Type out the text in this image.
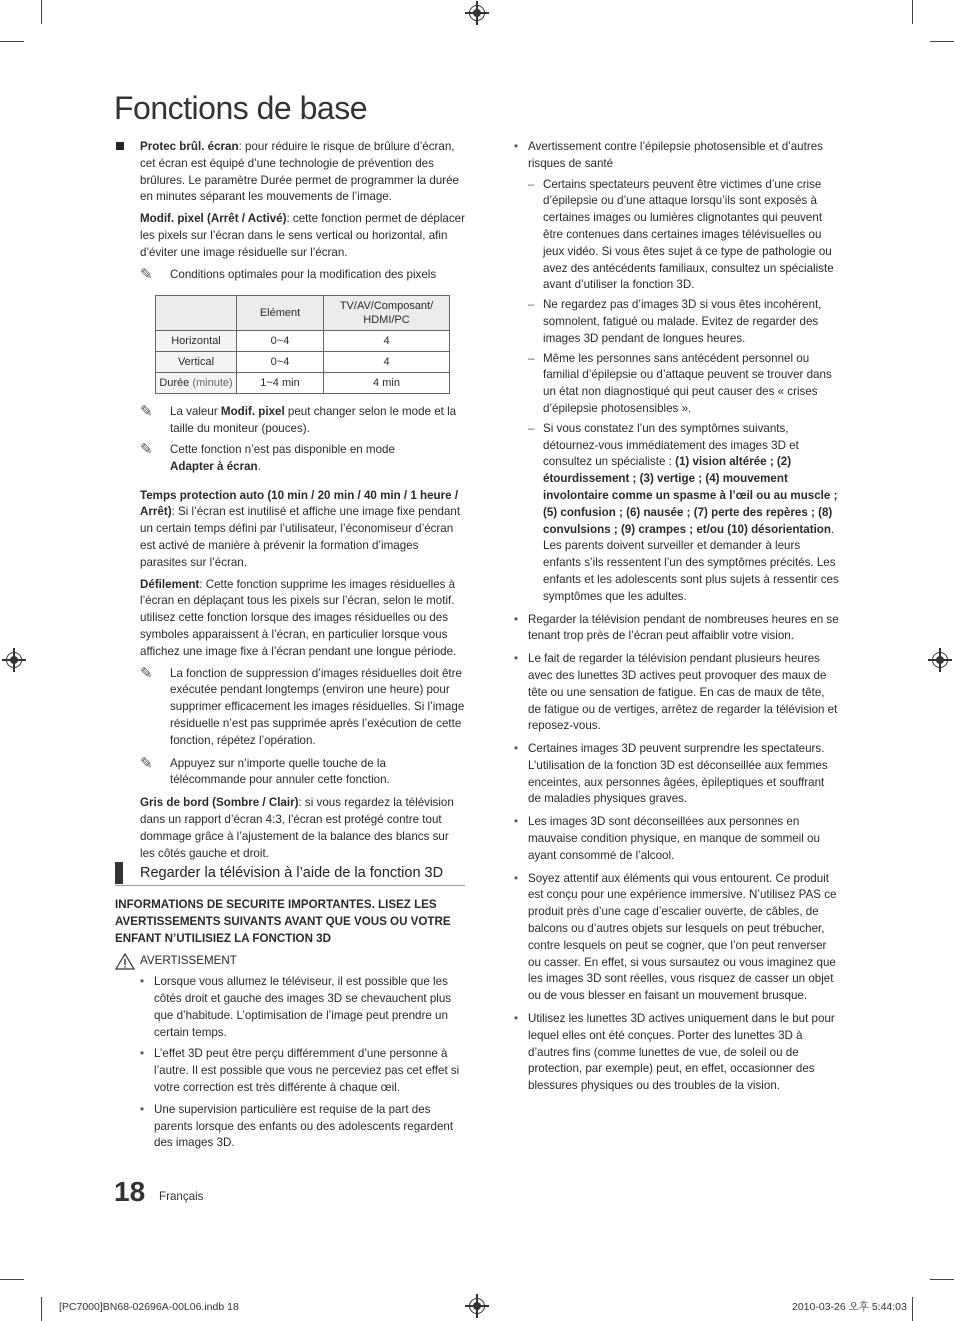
Fonctions de base

Protec brûl. écran: pour réduire le risque de brûlure d’écran, cet écran est équipé d’une technologie de prévention des brûlures. Le paramètre Durée permet de programmer la durée en minutes séparant les mouvements de l’image.

Modif. pixel (Arrêt / Activé): cette fonction permet de déplacer les pixels sur l’écran dans le sens vertical ou horizontal, afin d’éviter une image résiduelle sur l’écran.

✎ Conditions optimales pour la modification des pixels
	Elément	TV/AV/Composant/ HDMI/PC
Horizontal	0~4	4
Vertical	0~4	4
Durée (minute)	1~4 min	4 min
✎ La valeur Modif. pixel peut changer selon le mode et la taille du moniteur (pouces).
✎ Cette fonction n’est pas disponible en mode
Adapter à écran.

Temps protection auto (10 min / 20 min / 40 min / 1 heure / Arrêt): Si l’écran est inutilisé et affiche une image fixe pendant un certain temps défini par l’utilisateur, l’économiseur d’écran est activé de manière à prévenir la formation d’images parasites sur l’écran.

Défilement: Cette fonction supprime les images résiduelles à l’écran en déplaçant tous les pixels sur l’écran, selon le motif. utilisez cette fonction lorsque des images résiduelles ou des symboles apparaissent à l’écran, en particulier lorsque vous affichez une image fixe à l’écran pendant une longue période.

✎ La fonction de suppression d’images résiduelles doit être exécutée pendant longtemps (environ une heure) pour supprimer efficacement les images résiduelles. Si l’image résiduelle n’est pas supprimée après l’exécution de cette fonction, répétez l’opération.
✎ Appuyez sur n’importe quelle touche de la télécommande pour annuler cette fonction.

Gris de bord (Sombre / Clair): si vous regardez la télévision dans un rapport d’écran 4:3, l’écran est protégé contre tout dommage grâce à l’ajustement de la balance des blancs sur les côtés gauche et droit.

Regarder la télévision à l’aide de la fonction 3D

INFORMATIONS DE SECURITE IMPORTANTES. LISEZ LES AVERTISSEMENTS SUIVANTS AVANT QUE VOUS OU VOTRE ENFANT N’UTILISIEZ LA FONCTION 3D

AVERTISSEMENT
• Lorsque vous allumez le téléviseur, il est possible que les côtés droit et gauche des images 3D se chevauchent plus que d’habitude. L’optimisation de l’image peut prendre un certain temps.
• L’effet 3D peut être perçu différemment d’une personne à l’autre. Il est possible que vous ne perceviez pas cet effet si votre correction est très différente à chaque œil.
• Une supervision particulière est requise de la part des parents lorsque des enfants ou des adolescents regardent des images 3D.
• Avertissement contre l’épilepsie photosensible et d’autres risques de santé
– Certains spectateurs peuvent être victimes d’une crise d’épilepsie ou d’une attaque lorsqu’ils sont exposés à certaines images ou lumières clignotantes qui peuvent être contenues dans certaines images télévisuelles ou jeux vidéo. Si vous êtes sujet à ce type de pathologie ou avez des antécédents familiaux, consultez un spécialiste avant d’utiliser la fonction 3D.
– Ne regardez pas d’images 3D si vous êtes incohérent, somnolent, fatigué ou malade. Evitez de regarder des images 3D pendant de longues heures.
– Même les personnes sans antécédent personnel ou familial d’épilepsie ou d’attaque peuvent se trouver dans un état non diagnostiqué qui peut causer des « crises d’épilepsie photosensibles ».
– Si vous constatez l’un des symptômes suivants, détournez-vous immédiatement des images 3D et consultez un spécialiste : (1) vision altérée ; (2) étourdissement ; (3) vertige ; (4) mouvement involontaire comme un spasme à l’œil ou au muscle ; (5) confusion ; (6) nausée ; (7) perte des repères ; (8) convulsions ; (9) crampes ; et/ou (10) désorientation. Les parents doivent surveiller et demander à leurs enfants s’ils ressentent l’un des symptômes précités. Les enfants et les adolescents sont plus sujets à ressentir ces symptômes que les adultes.
• Regarder la télévision pendant de nombreuses heures en se tenant trop près de l’écran peut affaiblir votre vision.
• Le fait de regarder la télévision pendant plusieurs heures avec des lunettes 3D actives peut provoquer des maux de tête ou une sensation de fatigue. En cas de maux de tête, de fatigue ou de vertiges, arrêtez de regarder la télévision et reposez-vous.
• Certaines images 3D peuvent surprendre les spectateurs. L’utilisation de la fonction 3D est déconseillée aux femmes enceintes, aux personnes âgées, épileptiques et souffrant de maladies physiques graves.
• Les images 3D sont déconseillées aux personnes en mauvaise condition physique, en manque de sommeil ou ayant consommé de l’alcool.
• Soyez attentif aux éléments qui vous entourent. Ce produit est conçu pour une expérience immersive. N’utilisez PAS ce produit près d’une cage d’escalier ouverte, de câbles, de balcons ou d’autres objets sur lesquels on peut trébucher, contre lesquels on peut se cogner, que l’on peut renverser ou casser. En effet, si vous sursautez ou vous imaginez que les images 3D sont réelles, vous risquez de casser un objet ou de vous blesser en faisant un mouvement brusque.
• Utilisez les lunettes 3D actives uniquement dans le but pour lequel elles ont été conçues. Porter des lunettes 3D à d’autres fins (comme lunettes de vue, de soleil ou de protection, par exemple) peut, en effet, occasionner des blessures physiques ou des troubles de la vision.
18 Français
[PC7000]BN68-02696A-00L06.indb 18	2010-03-26 오후 5:44:03
